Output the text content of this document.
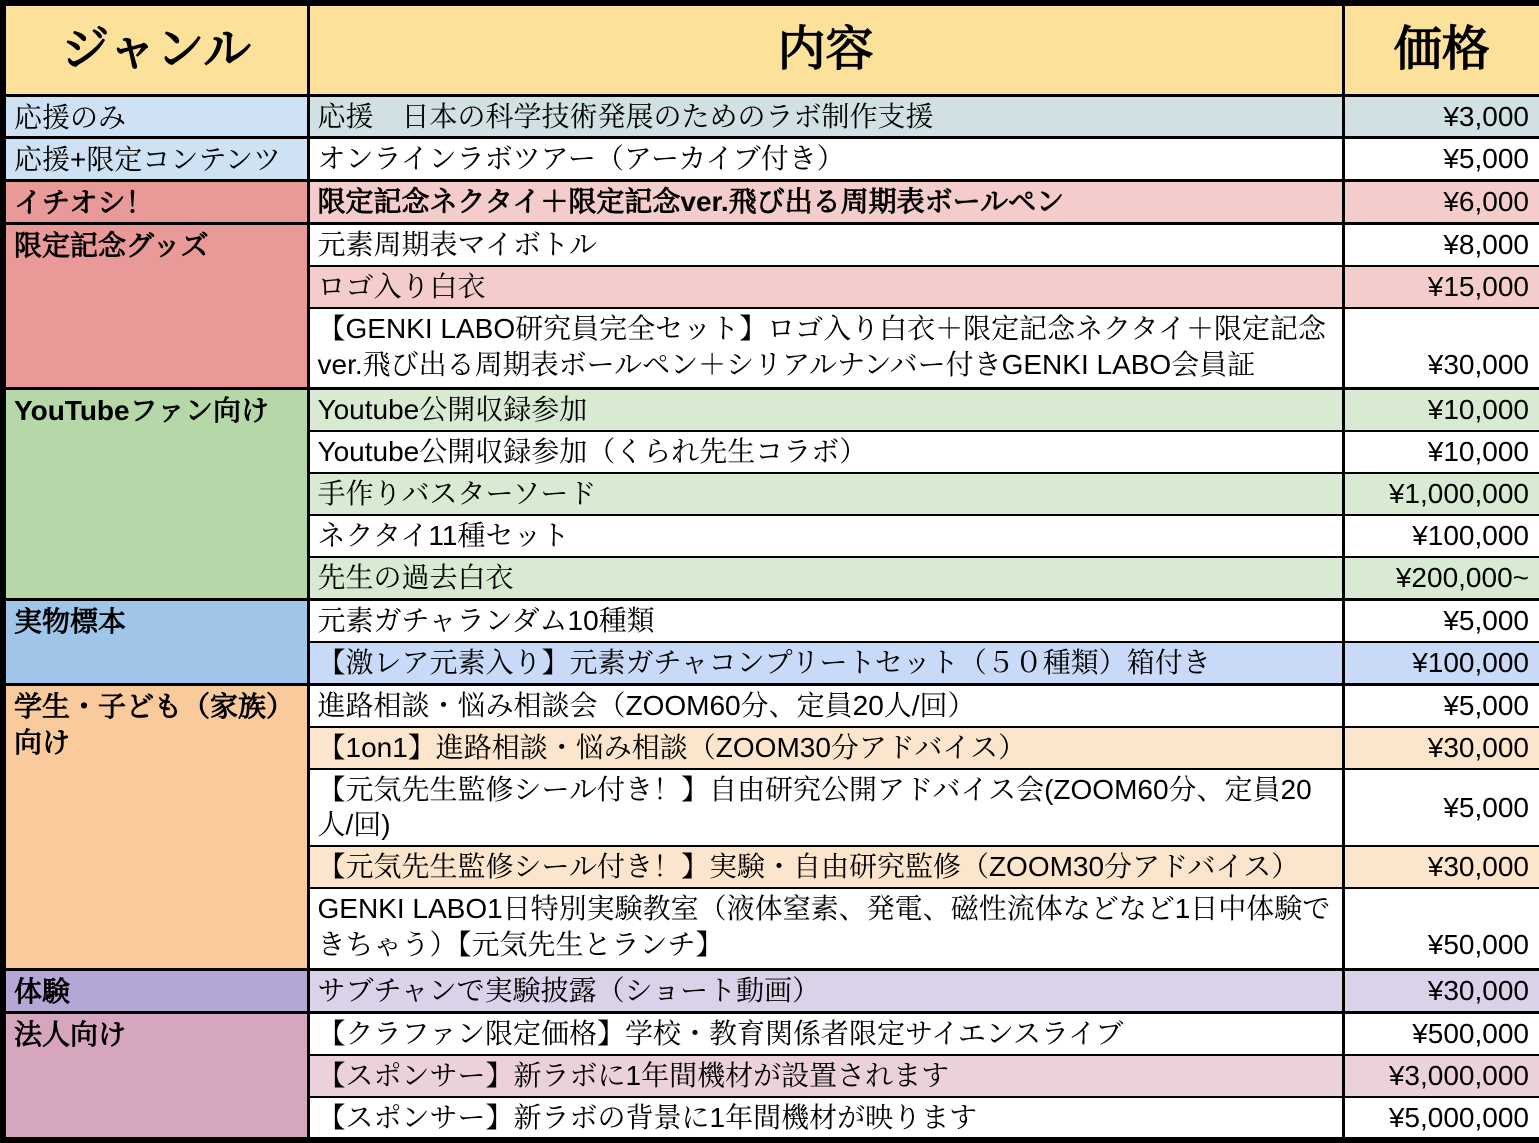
ジャンル	内容	価格
応援のみ	応援　日本の科学技術発展のためのラボ制作支援	¥3,000
応援+限定コンテンツ	オンラインラボツアー（アーカイブ付き）	¥5,000
イチオシ！	限定記念ネクタイ＋限定記念ver.飛び出る周期表ボールペン	¥6,000
限定記念グッズ	元素周期表マイボトル	¥8,000
	ロゴ入り白衣	¥15,000
	【GENKI LABO研究員完全セット】ロゴ入り白衣＋限定記念ネクタイ＋限定記念ver.飛び出る周期表ボールペン＋シリアルナンバー付きGENKI LABO会員証	¥30,000
YouTubeファン向け	Youtube公開収録参加	¥10,000
	Youtube公開収録参加（くられ先生コラボ）	¥10,000
	手作りバスターソード	¥1,000,000
	ネクタイ11種セット	¥100,000
	先生の過去白衣	¥200,000~
実物標本	元素ガチャランダム10種類	¥5,000
	【激レア元素入り】元素ガチャコンプリートセット（５０種類）箱付き	¥100,000
学生・子ども（家族）向け	進路相談・悩み相談会（ZOOM60分、定員20人/回）	¥5,000
	【1on1】進路相談・悩み相談（ZOOM30分アドバイス）	¥30,000
	【元気先生監修シール付き！】自由研究公開アドバイス会(ZOOM60分、定員20人/回)	¥5,000
	【元気先生監修シール付き！】実験・自由研究監修（ZOOM30分アドバイス）	¥30,000
	GENKI LABO1日特別実験教室（液体窒素、発電、磁性流体などなど1日中体験できちゃう）【元気先生とランチ】	¥50,000
体験	サブチャンで実験披露（ショート動画）	¥30,000
法人向け	【クラファン限定価格】学校・教育関係者限定サイエンスライブ	¥500,000
	【スポンサー】新ラボに1年間機材が設置されます	¥3,000,000
	【スポンサー】新ラボの背景に1年間機材が映ります	¥5,000,000
